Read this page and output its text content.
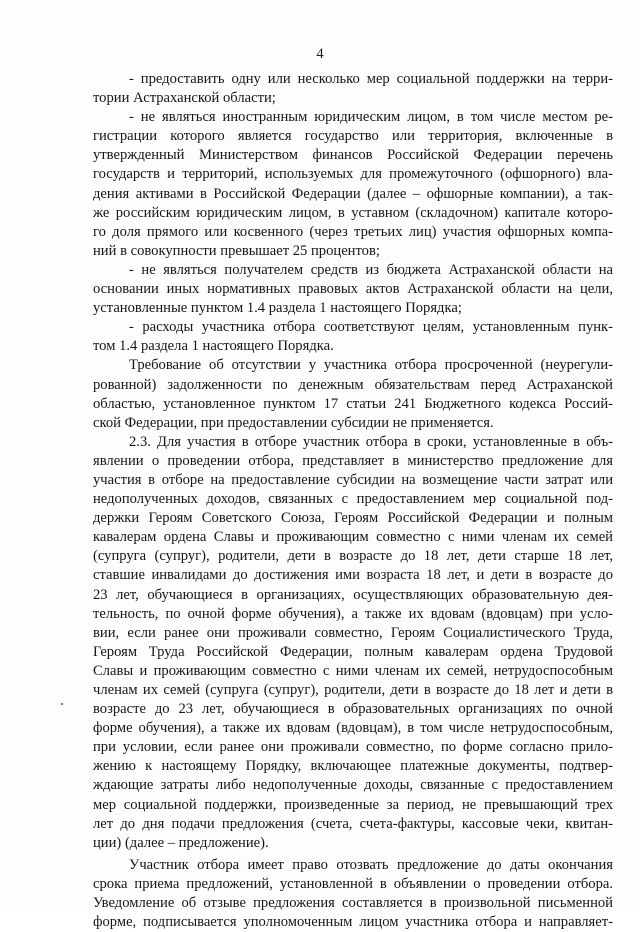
4
- предоставить одну или несколько мер социальной поддержки на терри-
тории Астраханской области;
- не являться иностранным юридическим лицом, в том числе местом ре-
гистрации которого является государство или территория, включенные в
утвержденный Министерством финансов Российской Федерации перечень
государств и территорий, используемых для промежуточного (офшорного) вла-
дения активами в Российской Федерации (далее – офшорные компании), а так-
же российским юридическим лицом, в уставном (складочном) капитале которо-
го доля прямого или косвенного (через третьих лиц) участия офшорных компа-
ний в совокупности превышает 25 процентов;
- не являться получателем средств из бюджета Астраханской области на
основании иных нормативных правовых актов Астраханской области на цели,
установленные пунктом 1.4 раздела 1 настоящего Порядка;
- расходы участника отбора соответствуют целям, установленным пунк-
том 1.4 раздела 1 настоящего Порядка.
Требование об отсутствии у участника отбора просроченной (неурегули-
рованной) задолженности по денежным обязательствам перед Астраханской
областью, установленное пунктом 17 статьи 241 Бюджетного кодекса Россий-
ской Федерации, при предоставлении субсидии не применяется.
2.3. Для участия в отборе участник отбора в сроки, установленные в объ-
явлении о проведении отбора, представляет в министерство предложение для
участия в отборе на предоставление субсидии на возмещение части затрат или
недополученных доходов, связанных с предоставлением мер социальной под-
держки Героям Советского Союза, Героям Российской Федерации и полным
кавалерам ордена Славы и проживающим совместно с ними членам их семей
(супруга (супруг), родители, дети в возрасте до 18 лет, дети старше 18 лет,
ставшие инвалидами до достижения ими возраста 18 лет, и дети в возрасте до
23 лет, обучающиеся в организациях, осуществляющих образовательную дея-
тельность, по очной форме обучения), а также их вдовам (вдовцам) при усло-
вии, если ранее они проживали совместно, Героям Социалистического Труда,
Героям Труда Российской Федерации, полным кавалерам ордена Трудовой
Славы и проживающим совместно с ними членам их семей, нетрудоспособным
членам их семей (супруга (супруг), родители, дети в возрасте до 18 лет и дети в
возрасте до 23 лет, обучающиеся в образовательных организациях по очной
форме обучения), а также их вдовам (вдовцам), в том числе нетрудоспособным,
при условии, если ранее они проживали совместно, по форме согласно прило-
жению к настоящему Порядку, включающее платежные документы, подтвер-
ждающие затраты либо недополученные доходы, связанные с предоставлением
мер социальной поддержки, произведенные за период, не превышающий трех
лет до дня подачи предложения (счета, счета-фактуры, кассовые чеки, квитан-
ции) (далее – предложение).
Участник отбора имеет право отозвать предложение до даты окончания
срока приема предложений, установленной в объявлении о проведении отбора.
Уведомление об отзыве предложения составляется в произвольной письменной
форме, подписывается уполномоченным лицом участника отбора и направляет-
